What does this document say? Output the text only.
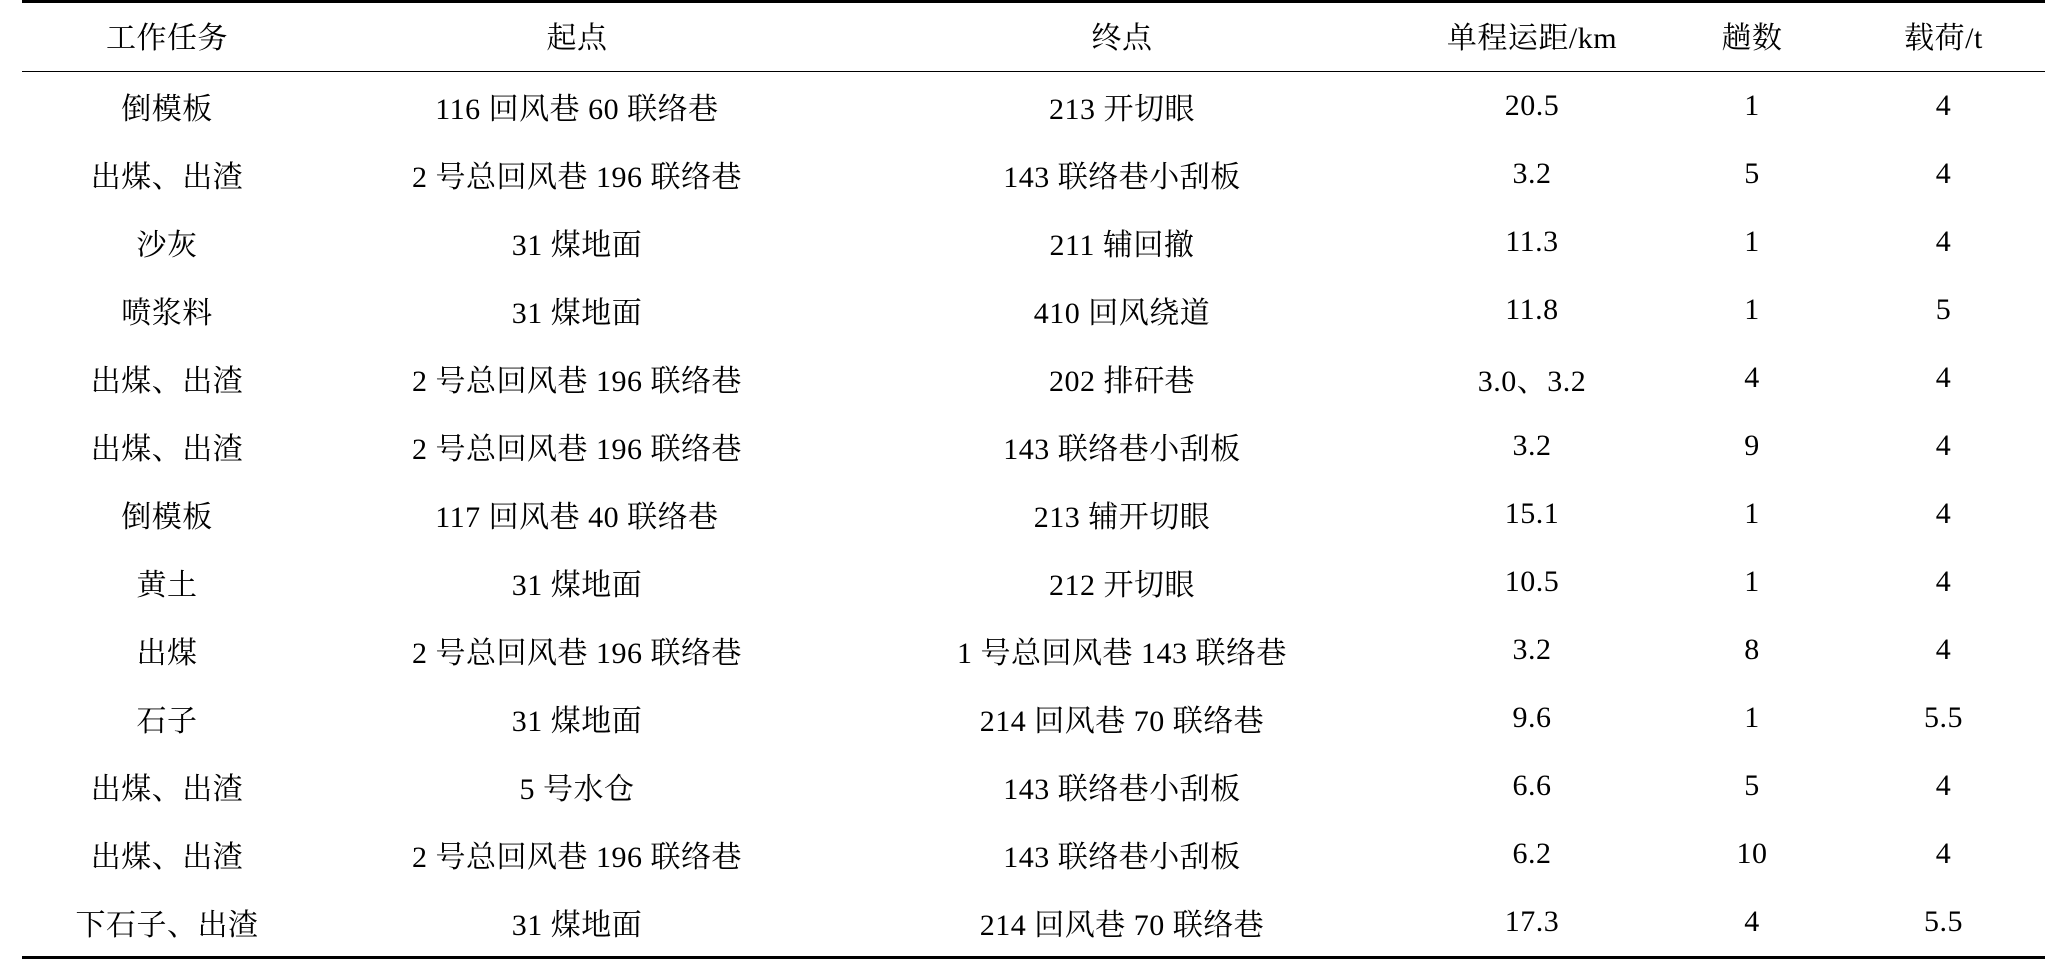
工作任务	起点	终点	单程运距/km	趟数	载荷/t
倒模板	116 回风巷 60 联络巷	213 开切眼	20.5	1	4
出煤、出渣	2 号总回风巷 196 联络巷	143 联络巷小刮板	3.2	5	4
沙灰	31 煤地面	211 辅回撤	11.3	1	4
喷浆料	31 煤地面	410 回风绕道	11.8	1	5
出煤、出渣	2 号总回风巷 196 联络巷	202 排矸巷	3.0、3.2	4	4
出煤、出渣	2 号总回风巷 196 联络巷	143 联络巷小刮板	3.2	9	4
倒模板	117 回风巷 40 联络巷	213 辅开切眼	15.1	1	4
黄土	31 煤地面	212 开切眼	10.5	1	4
出煤	2 号总回风巷 196 联络巷	1 号总回风巷 143 联络巷	3.2	8	4
石子	31 煤地面	214 回风巷 70 联络巷	9.6	1	5.5
出煤、出渣	5 号水仓	143 联络巷小刮板	6.6	5	4
出煤、出渣	2 号总回风巷 196 联络巷	143 联络巷小刮板	6.2	10	4
下石子、出渣	31 煤地面	214 回风巷 70 联络巷	17.3	4	5.5
